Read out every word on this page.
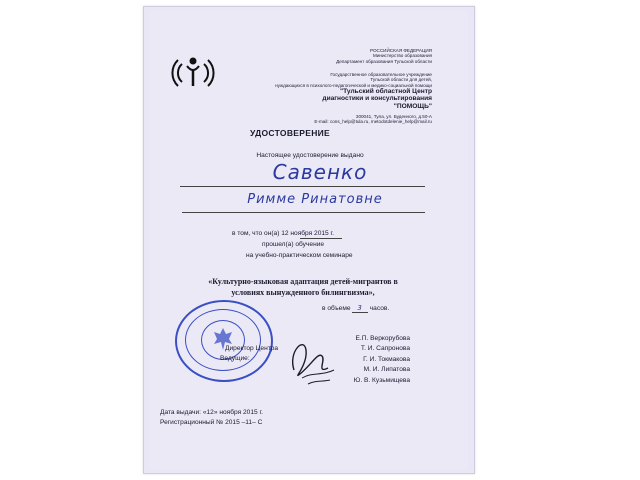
РОССИЙСКАЯ ФЕДЕРАЦИЯ
Министерство образования
Департамент образования Тульской области
Государственное образовательное учреждение
Тульской области для детей,
нуждающихся в психолого-педагогической и медико-социальной помощи
"Тульский областной Центр
диагностики и консультирования
"ПОМОЩЬ"
300041, Тула, ул. Буденного, д.50-А
E-mail: cons_help@tula.ru, metodotdelenie_help@mail.ru
УДОСТОВЕРЕНИЕ
Настоящее удостоверение выдано
Савенко
Римме Ринатовне
в том, что он(а) 12 ноября 2015 г.
прошел(а) обучение
на учебно-практическом семинаре
«Культурно-языковая адаптация детей-мигрантов в
условиях вынужденного билингвизма»,
в объеме 3 часов.
Директор Центра
Ведущие:
Е.П. Веркорубова
Т. И. Сапронова
Г. И. Токмакова
М. И. Липатова
Ю. В. Кузьмищева
Дата выдачи: «12» ноября 2015 г.
Регистрационный № 2015 –11– С
